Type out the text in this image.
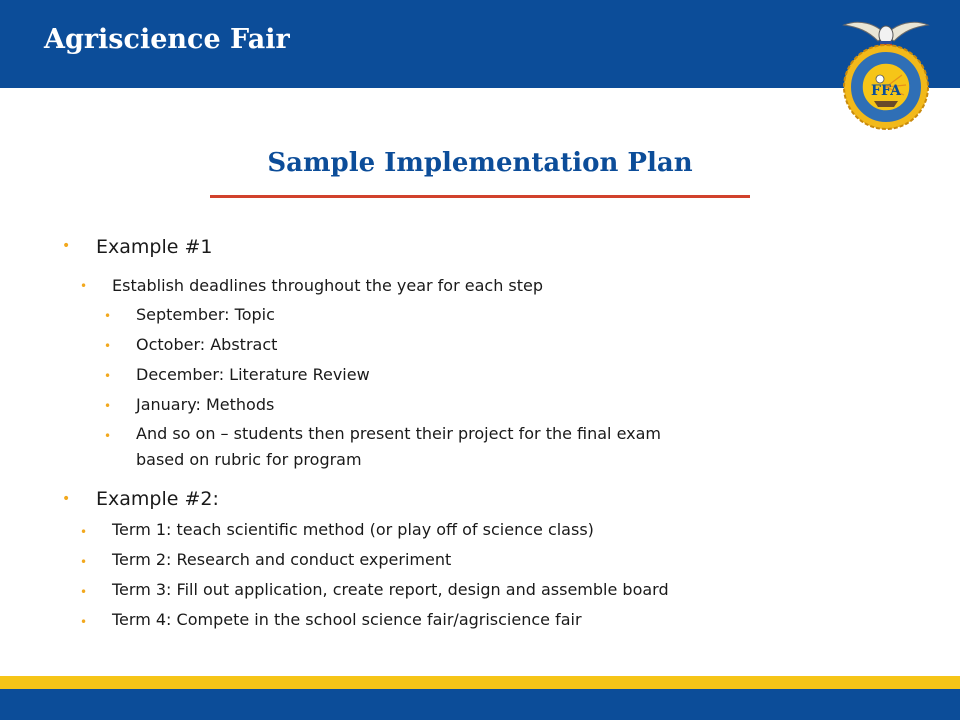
Agriscience Fair
FFA
Sample Implementation Plan
• Example #1
• Establish deadlines throughout the year for each step
• September: Topic
• October: Abstract
• December: Literature Review
• January: Methods
• And so on – students then present their project for the final exam
based on rubric for program
• Example #2:
• Term 1: teach scientific method (or play off of science class)
• Term 2: Research and conduct experiment
• Term 3: Fill out application, create report, design and assemble board
• Term 4: Compete in the school science fair/agriscience fair
